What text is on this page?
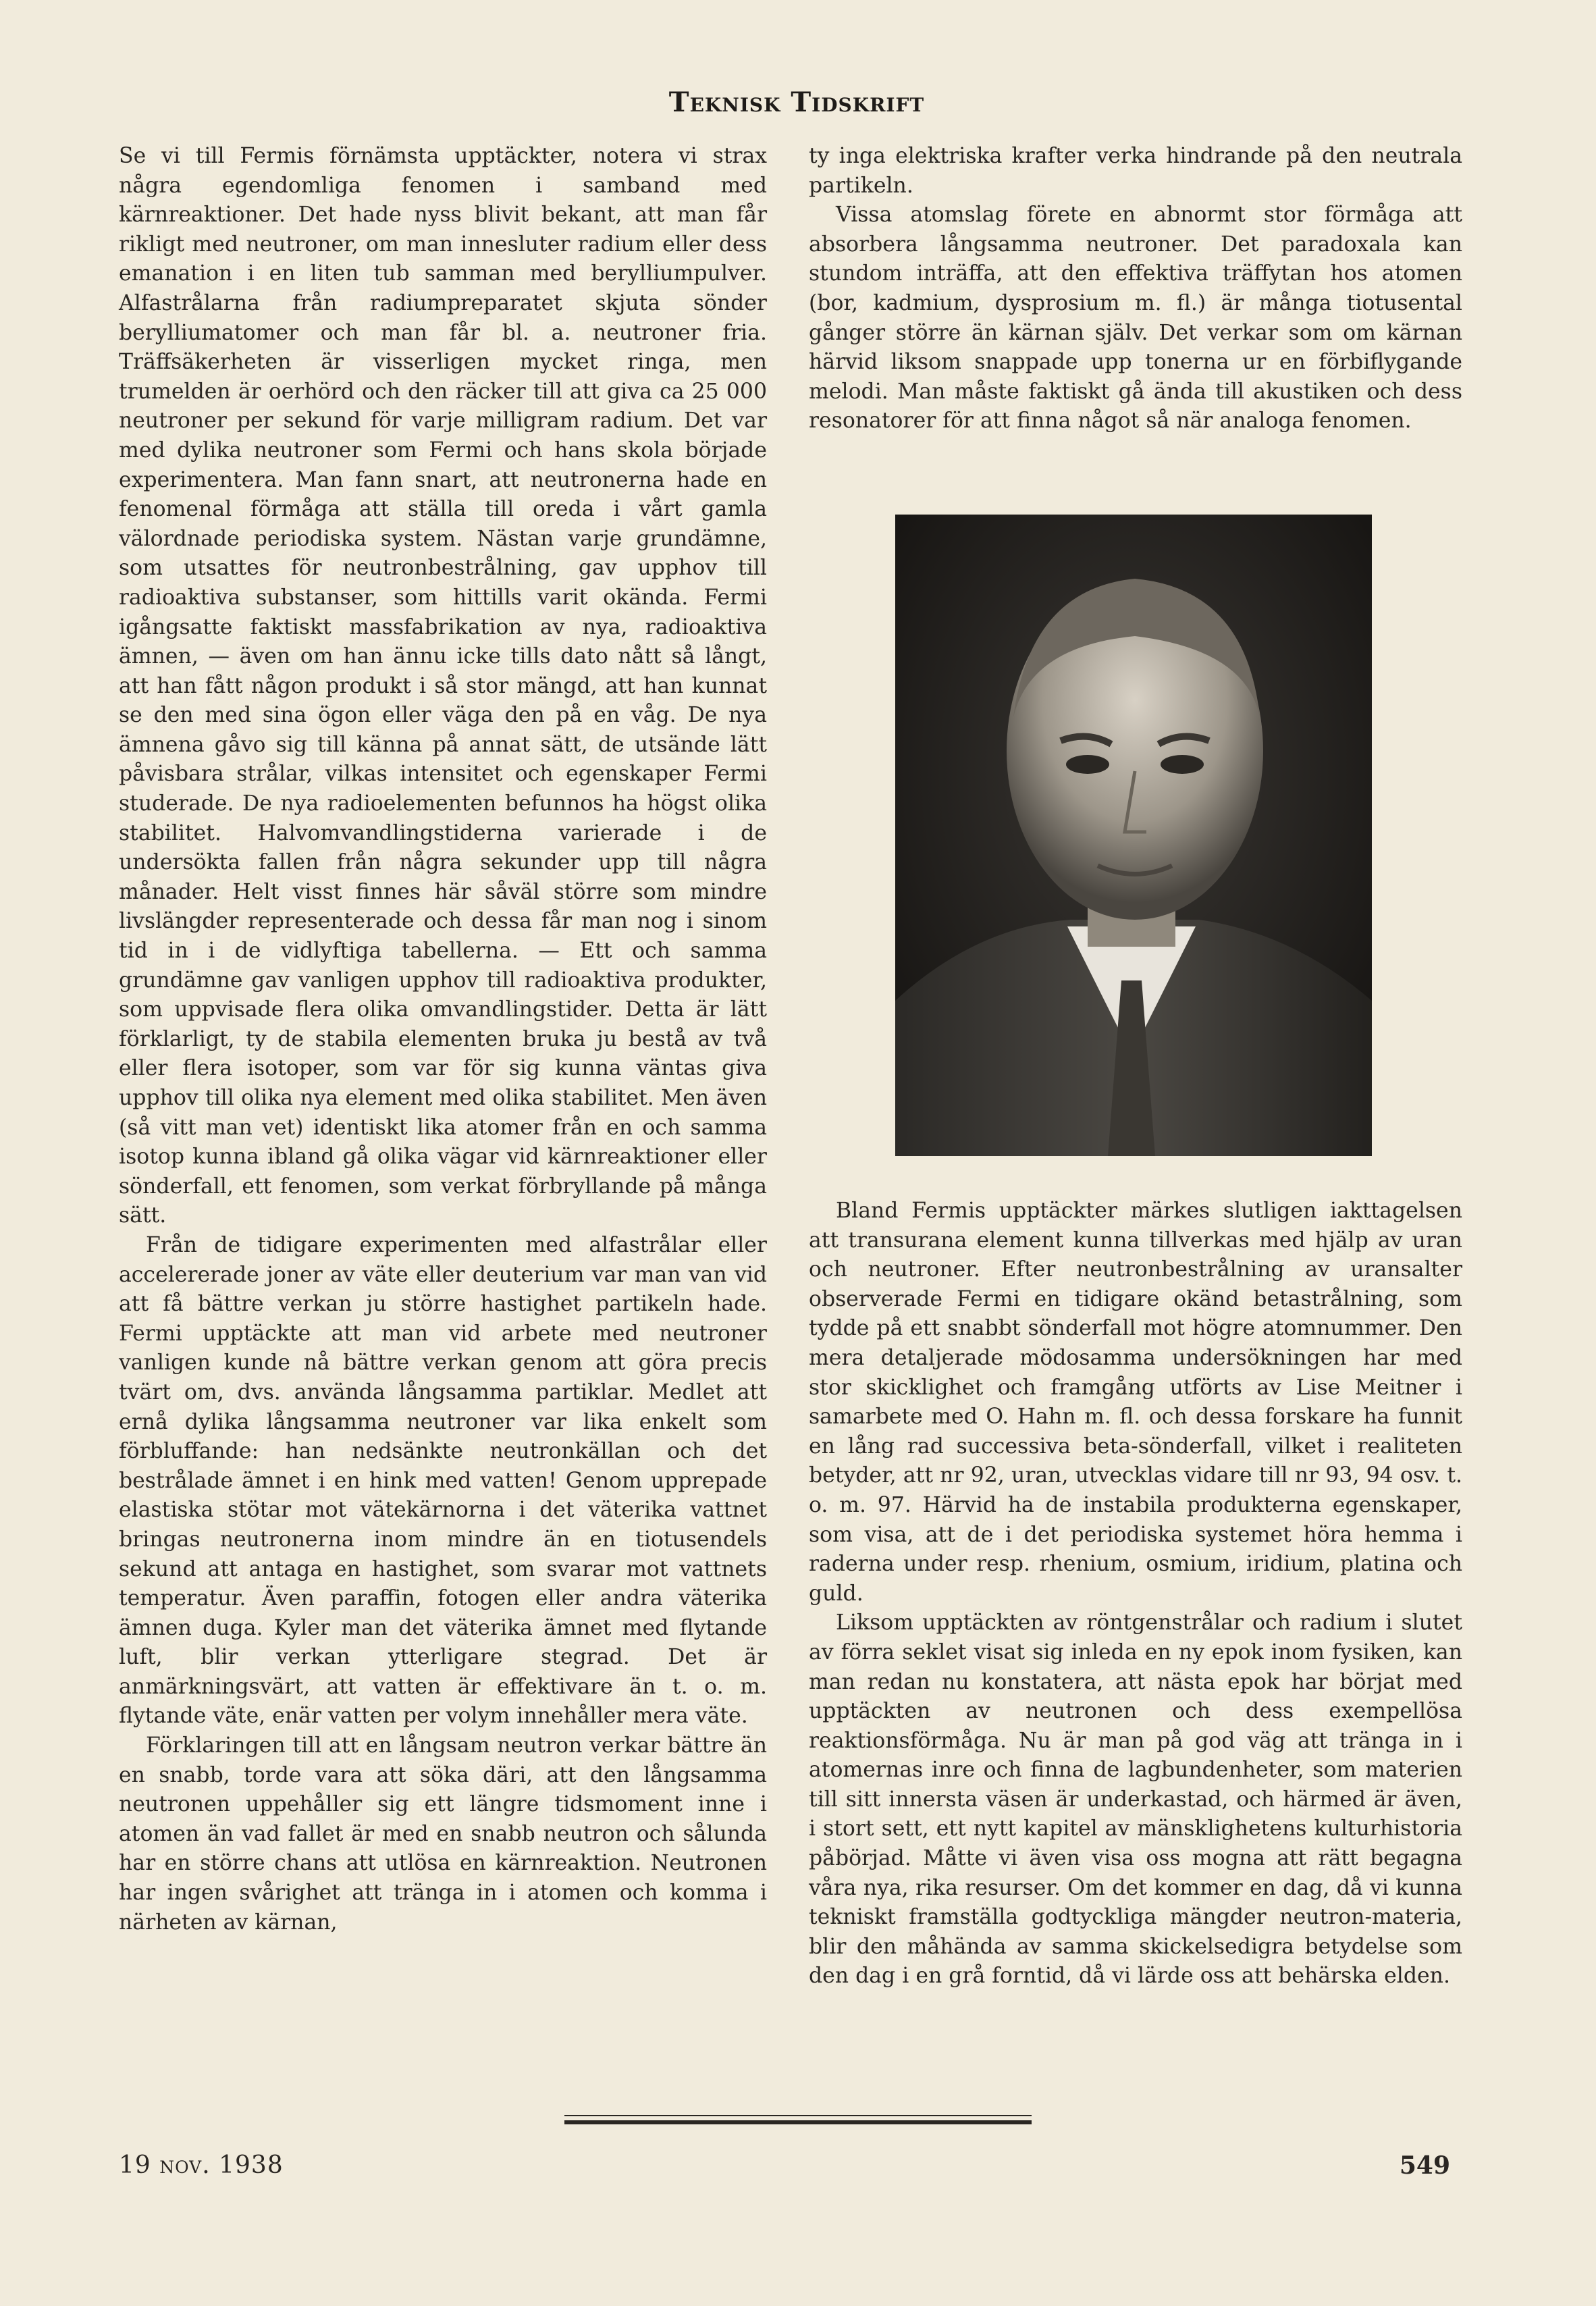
Teknisk Tidskrift

Se vi till Fermis förnämsta upptäckter, notera vi strax några egendomliga fenomen i samband med kärnreaktioner. Det hade nyss blivit bekant, att man får rikligt med neutroner, om man innesluter radium eller dess emanation i en liten tub samman med berylliumpulver. Alfastrålarna från radiumpreparatet skjuta sönder berylliumatomer och man får bl. a. neutroner fria. Träffsäkerheten är visserligen mycket ringa, men trumelden är oerhörd och den räcker till att giva ca 25 000 neutroner per sekund för varje milligram radium. Det var med dylika neutroner som Fermi och hans skola började experimentera. Man fann snart, att neutronerna hade en fenomenal förmåga att ställa till oreda i vårt gamla välordnade periodiska system. Nästan varje grundämne, som utsattes för neutronbestrålning, gav upphov till radioaktiva substanser, som hittills varit okända. Fermi igångsatte faktiskt massfabrikation av nya, radioaktiva ämnen, — även om han ännu icke tills dato nått så långt, att han fått någon produkt i så stor mängd, att han kunnat se den med sina ögon eller väga den på en våg. De nya ämnena gåvo sig till känna på annat sätt, de utsände lätt påvisbara strålar, vilkas intensitet och egenskaper Fermi studerade. De nya radioelementen befunnos ha högst olika stabilitet. Halvomvandlingstiderna varierade i de undersökta fallen från några sekunder upp till några månader. Helt visst finnes här såväl större som mindre livslängder representerade och dessa får man nog i sinom tid in i de vidlyftiga tabellerna. — Ett och samma grundämne gav vanligen upphov till radioaktiva produkter, som uppvisade flera olika omvandlingstider. Detta är lätt förklarligt, ty de stabila elementen bruka ju bestå av två eller flera isotoper, som var för sig kunna väntas giva upphov till olika nya element med olika stabilitet. Men även (så vitt man vet) identiskt lika atomer från en och samma isotop kunna ibland gå olika vägar vid kärnreaktioner eller sönderfall, ett fenomen, som verkat förbryllande på många sätt.

Från de tidigare experimenten med alfastrålar eller accelererade joner av väte eller deuterium var man van vid att få bättre verkan ju större hastighet partikeln hade. Fermi upptäckte att man vid arbete med neutroner vanligen kunde nå bättre verkan genom att göra precis tvärt om, dvs. använda långsamma partiklar. Medlet att ernå dylika långsamma neutroner var lika enkelt som förbluffande: han nedsänkte neutronkällan och det bestrålade ämnet i en hink med vatten! Genom upprepade elastiska stötar mot vätekärnorna i det väterika vattnet bringas neutronerna inom mindre än en tiotusendels sekund att antaga en hastighet, som svarar mot vattnets temperatur. Även paraffin, fotogen eller andra väterika ämnen duga. Kyler man det väterika ämnet med flytande luft, blir verkan ytterligare stegrad. Det är anmärkningsvärt, att vatten är effektivare än t. o. m. flytande väte, enär vatten per volym innehåller mera väte.

Förklaringen till att en långsam neutron verkar bättre än en snabb, torde vara att söka däri, att den långsamma neutronen uppehåller sig ett längre tidsmoment inne i atomen än vad fallet är med en snabb neutron och sålunda har en större chans att utlösa en kärnreaktion. Neutronen har ingen svårighet att tränga in i atomen och komma i närheten av kärnan,

ty inga elektriska krafter verka hindrande på den neutrala partikeln.

Vissa atomslag förete en abnormt stor förmåga att absorbera långsamma neutroner. Det paradoxala kan stundom inträffa, att den effektiva träffytan hos atomen (bor, kadmium, dysprosium m. fl.) är många tiotusental gånger större än kärnan själv. Det verkar som om kärnan härvid liksom snappade upp tonerna ur en förbiflygande melodi. Man måste faktiskt gå ända till akustiken och dess resonatorer för att finna något så när analoga fenomen.

Bland Fermis upptäckter märkes slutligen iakttagelsen att transurana element kunna tillverkas med hjälp av uran och neutroner. Efter neutronbestrålning av uransalter observerade Fermi en tidigare okänd betastrålning, som tydde på ett snabbt sönderfall mot högre atomnummer. Den mera detaljerade mödosamma undersökningen har med stor skicklighet och framgång utförts av Lise Meitner i samarbete med O. Hahn m. fl. och dessa forskare ha funnit en lång rad successiva beta-sönderfall, vilket i realiteten betyder, att nr 92, uran, utvecklas vidare till nr 93, 94 osv. t. o. m. 97. Härvid ha de instabila produkterna egenskaper, som visa, att de i det periodiska systemet höra hemma i raderna under resp. rhenium, osmium, iridium, platina och guld.

Liksom upptäckten av röntgenstrålar och radium i slutet av förra seklet visat sig inleda en ny epok inom fysiken, kan man redan nu konstatera, att nästa epok har börjat med upptäckten av neutronen och dess exempellösa reaktionsförmåga. Nu är man på god väg att tränga in i atomernas inre och finna de lagbundenheter, som materien till sitt innersta väsen är underkastad, och härmed är även, i stort sett, ett nytt kapitel av mänsklighetens kulturhistoria påbörjad. Måtte vi även visa oss mogna att rätt begagna våra nya, rika resurser. Om det kommer en dag, då vi kunna tekniskt framställa godtyckliga mängder neutron-materia, blir den måhända av samma skickelsedigra betydelse som den dag i en grå forntid, då vi lärde oss att behärska elden.

19 nov. 1938	549
